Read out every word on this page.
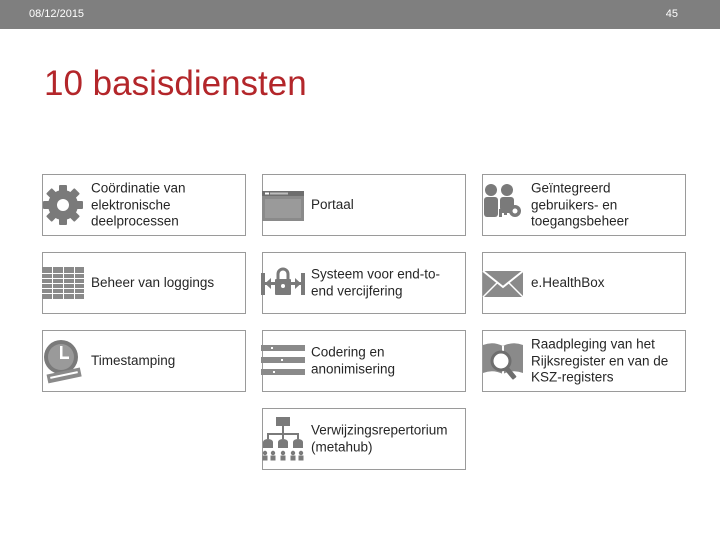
08/12/2015	45
10 basisdiensten
Coördinatie van elektronische deelprocessen
Portaal
Geïntegreerd gebruikers- en toegangsbeheer
Beheer van loggings
Systeem voor end-to-end vercijfering
e.HealthBox
Timestamping
Codering en anonimisering
Raadpleging van het Rijksregister en van de KSZ-registers
Verwijzingsrepertorium (metahub)
